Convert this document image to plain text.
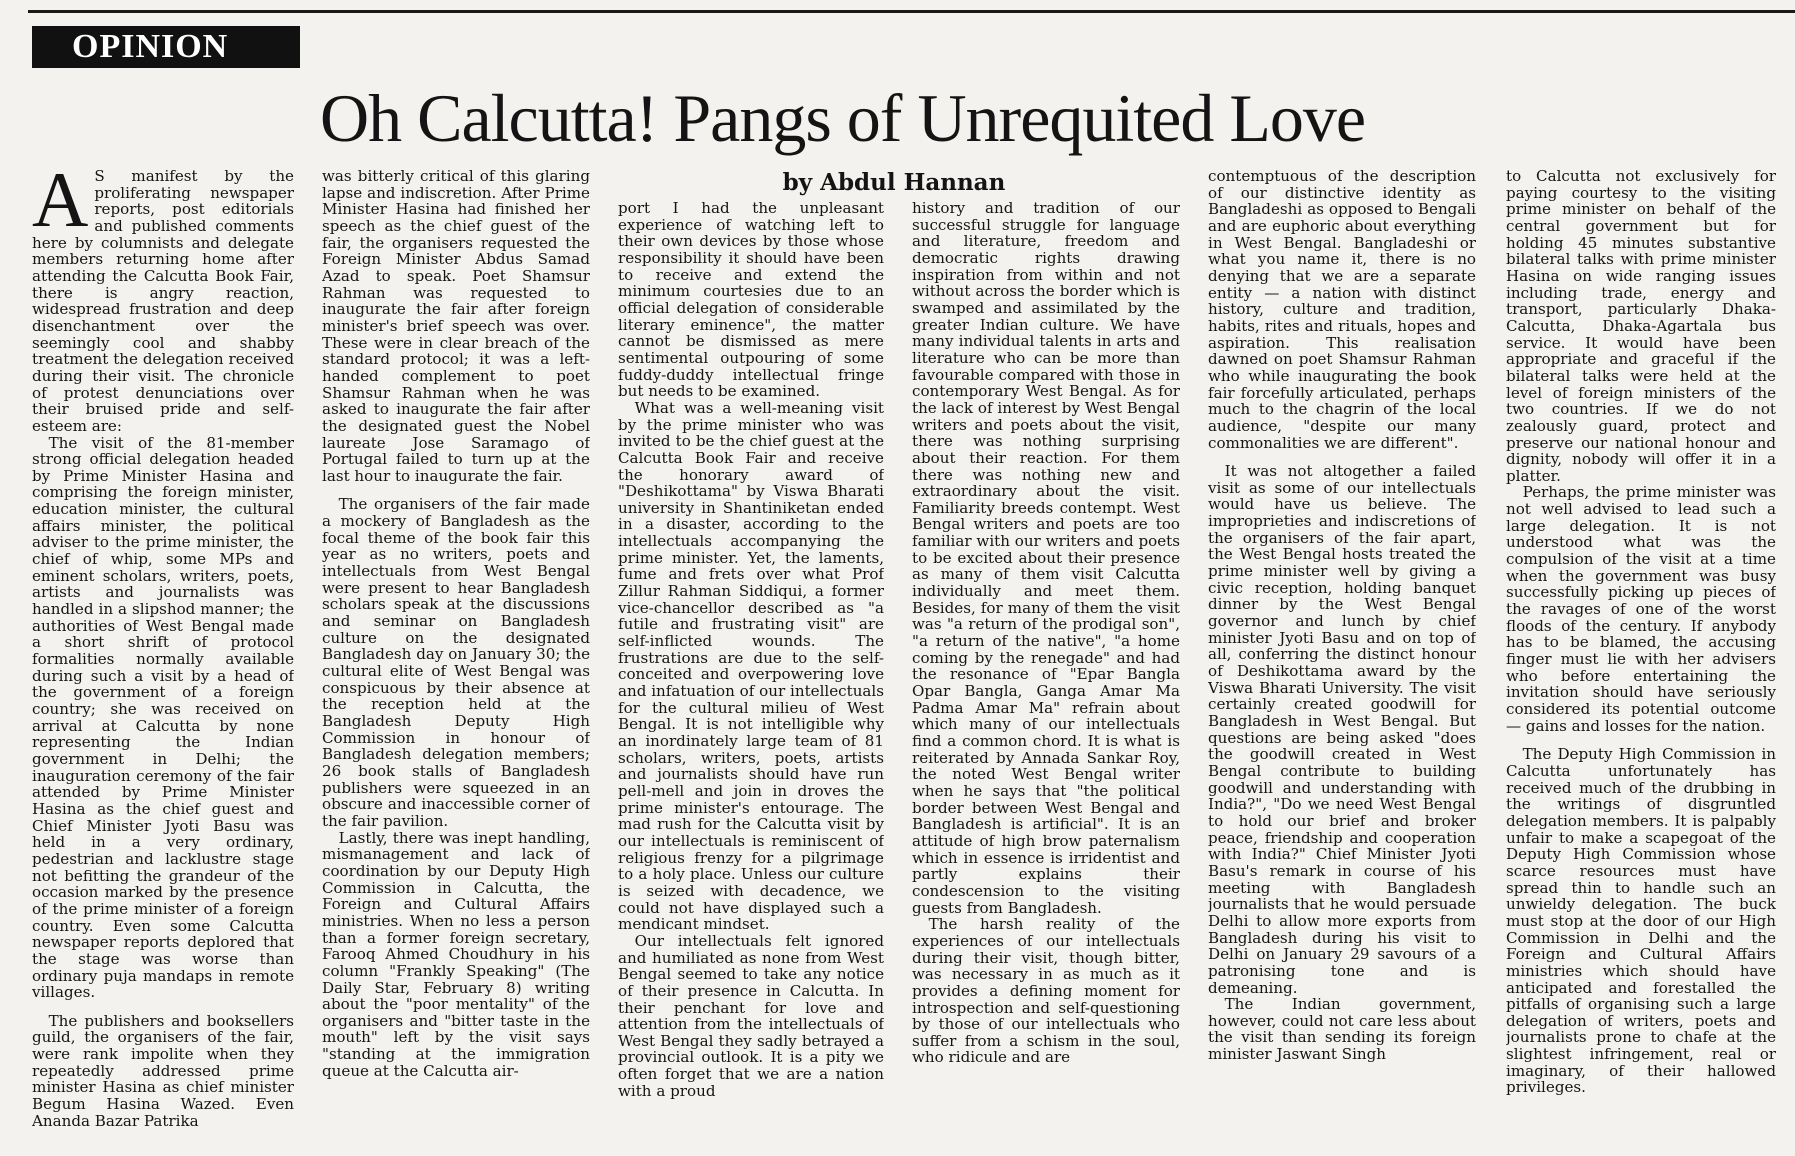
OPINION
Oh Calcutta! Pangs of Unrequited Love
by Abdul Hannan

A S manifest by the proliferating newspaper reports, post editorials and published comments here by columnists and delegate members returning home after attending the Calcutta Book Fair, there is angry reaction, widespread frustration and deep disenchantment over the seemingly cool and shabby treatment the delegation received during their visit. The chronicle of protest denunciations over their bruised pride and self-esteem are:

The visit of the 81-member strong official delegation headed by Prime Minister Hasina and comprising the foreign minister, education minister, the cultural affairs minister, the political adviser to the prime minister, the chief of whip, some MPs and eminent scholars, writers, poets, artists and journalists was handled in a slipshod manner; the authorities of West Bengal made a short shrift of protocol formalities normally available during such a visit by a head of the government of a foreign country; she was received on arrival at Calcutta by none representing the Indian government in Delhi; the inauguration ceremony of the fair attended by Prime Minister Hasina as the chief guest and Chief Minister Jyoti Basu was held in a very ordinary, pedestrian and lacklustre stage not befitting the grandeur of the occasion marked by the presence of the prime minister of a foreign country. Even some Calcutta newspaper reports deplored that the stage was worse than ordinary puja mandaps in remote villages.

The publishers and booksellers guild, the organisers of the fair, were rank impolite when they repeatedly addressed prime minister Hasina as chief minister Begum Hasina Wazed. Even Ananda Bazar Patrika

was bitterly critical of this glaring lapse and indiscretion. After Prime Minister Hasina had finished her speech as the chief guest of the fair, the organisers requested the Foreign Minister Abdus Samad Azad to speak. Poet Shamsur Rahman was requested to inaugurate the fair after foreign minister's brief speech was over. These were in clear breach of the standard protocol; it was a left-handed complement to poet Shamsur Rahman when he was asked to inaugurate the fair after the designated guest the Nobel laureate Jose Saramago of Portugal failed to turn up at the last hour to inaugurate the fair.

The organisers of the fair made a mockery of Bangladesh as the focal theme of the book fair this year as no writers, poets and intellectuals from West Bengal were present to hear Bangladesh scholars speak at the discussions and seminar on Bangladesh culture on the designated Bangladesh day on January 30; the cultural elite of West Bengal was conspicuous by their absence at the reception held at the Bangladesh Deputy High Commission in honour of Bangladesh delegation members; 26 book stalls of Bangladesh publishers were squeezed in an obscure and inaccessible corner of the fair pavilion.

Lastly, there was inept handling, mismanagement and lack of coordination by our Deputy High Commission in Calcutta, the Foreign and Cultural Affairs ministries. When no less a person than a former foreign secretary, Farooq Ahmed Choudhury in his column "Frankly Speaking" (The Daily Star, February 8) writing about the "poor mentality" of the organisers and "bitter taste in the mouth" left by the visit says "standing at the immigration queue at the Calcutta air-

port I had the unpleasant experience of watching left to their own devices by those whose responsibility it should have been to receive and extend the minimum courtesies due to an official delegation of considerable literary eminence", the matter cannot be dismissed as mere sentimental outpouring of some fuddy-duddy intellectual fringe but needs to be examined.

What was a well-meaning visit by the prime minister who was invited to be the chief guest at the Calcutta Book Fair and receive the honorary award of "Deshikottama" by Viswa Bharati university in Shantiniketan ended in a disaster, according to the intellectuals accompanying the prime minister. Yet, the laments, fume and frets over what Prof Zillur Rahman Siddiqui, a former vice-chancellor described as "a futile and frustrating visit" are self-inflicted wounds. The frustrations are due to the self-conceited and overpowering love and infatuation of our intellectuals for the cultural milieu of West Bengal. It is not intelligible why an inordinately large team of 81 scholars, writers, poets, artists and journalists should have run pell-mell and join in droves the prime minister's entourage. The mad rush for the Calcutta visit by our intellectuals is reminiscent of religious frenzy for a pilgrimage to a holy place. Unless our culture is seized with decadence, we could not have displayed such a mendicant mindset.

Our intellectuals felt ignored and humiliated as none from West Bengal seemed to take any notice of their presence in Calcutta. In their penchant for love and attention from the intellectuals of West Bengal they sadly betrayed a provincial outlook. It is a pity we often forget that we are a nation with a proud

history and tradition of our successful struggle for language and literature, freedom and democratic rights drawing inspiration from within and not without across the border which is swamped and assimilated by the greater Indian culture. We have many individual talents in arts and literature who can be more than favourable compared with those in contemporary West Bengal. As for the lack of interest by West Bengal writers and poets about the visit, there was nothing surprising about their reaction. For them there was nothing new and extraordinary about the visit. Familiarity breeds contempt. West Bengal writers and poets are too familiar with our writers and poets to be excited about their presence as many of them visit Calcutta individually and meet them. Besides, for many of them the visit was "a return of the prodigal son", "a return of the native", "a home coming by the renegade" and had the resonance of "Epar Bangla Opar Bangla, Ganga Amar Ma Padma Amar Ma" refrain about which many of our intellectuals find a common chord. It is what is reiterated by Annada Sankar Roy, the noted West Bengal writer when he says that "the political border between West Bengal and Bangladesh is artificial". It is an attitude of high brow paternalism which in essence is irridentist and partly explains their condescension to the visiting guests from Bangladesh.

The harsh reality of the experiences of our intellectuals during their visit, though bitter, was necessary in as much as it provides a defining moment for introspection and self-questioning by those of our intellectuals who suffer from a schism in the soul, who ridicule and are

contemptuous of the description of our distinctive identity as Bangladeshi as opposed to Bengali and are euphoric about everything in West Bengal. Bangladeshi or what you name it, there is no denying that we are a separate entity — a nation with distinct history, culture and tradition, habits, rites and rituals, hopes and aspiration. This realisation dawned on poet Shamsur Rahman who while inaugurating the book fair forcefully articulated, perhaps much to the chagrin of the local audience, "despite our many commonalities we are different".

It was not altogether a failed visit as some of our intellectuals would have us believe. The improprieties and indiscretions of the organisers of the fair apart, the West Bengal hosts treated the prime minister well by giving a civic reception, holding banquet dinner by the West Bengal governor and lunch by chief minister Jyoti Basu and on top of all, conferring the distinct honour of Deshikottama award by the Viswa Bharati University. The visit certainly created goodwill for Bangladesh in West Bengal. But questions are being asked "does the goodwill created in West Bengal contribute to building goodwill and understanding with India?", "Do we need West Bengal to hold our brief and broker peace, friendship and cooperation with India?" Chief Minister Jyoti Basu's remark in course of his meeting with Bangladesh journalists that he would persuade Delhi to allow more exports from Bangladesh during his visit to Delhi on January 29 savours of a patronising tone and is demeaning.

The Indian government, however, could not care less about the visit than sending its foreign minister Jaswant Singh

to Calcutta not exclusively for paying courtesy to the visiting prime minister on behalf of the central government but for holding 45 minutes substantive bilateral talks with prime minister Hasina on wide ranging issues including trade, energy and transport, particularly Dhaka-Calcutta, Dhaka-Agartala bus service. It would have been appropriate and graceful if the bilateral talks were held at the level of foreign ministers of the two countries. If we do not zealously guard, protect and preserve our national honour and dignity, nobody will offer it in a platter.

Perhaps, the prime minister was not well advised to lead such a large delegation. It is not understood what was the compulsion of the visit at a time when the government was busy successfully picking up pieces of the ravages of one of the worst floods of the century. If anybody has to be blamed, the accusing finger must lie with her advisers who before entertaining the invitation should have seriously considered its potential outcome — gains and losses for the nation.

The Deputy High Commission in Calcutta unfortunately has received much of the drubbing in the writings of disgruntled delegation members. It is palpably unfair to make a scapegoat of the Deputy High Commission whose scarce resources must have spread thin to handle such an unwieldy delegation. The buck must stop at the door of our High Commission in Delhi and the Foreign and Cultural Affairs ministries which should have anticipated and forestalled the pitfalls of organising such a large delegation of writers, poets and journalists prone to chafe at the slightest infringement, real or imaginary, of their hallowed privileges.
